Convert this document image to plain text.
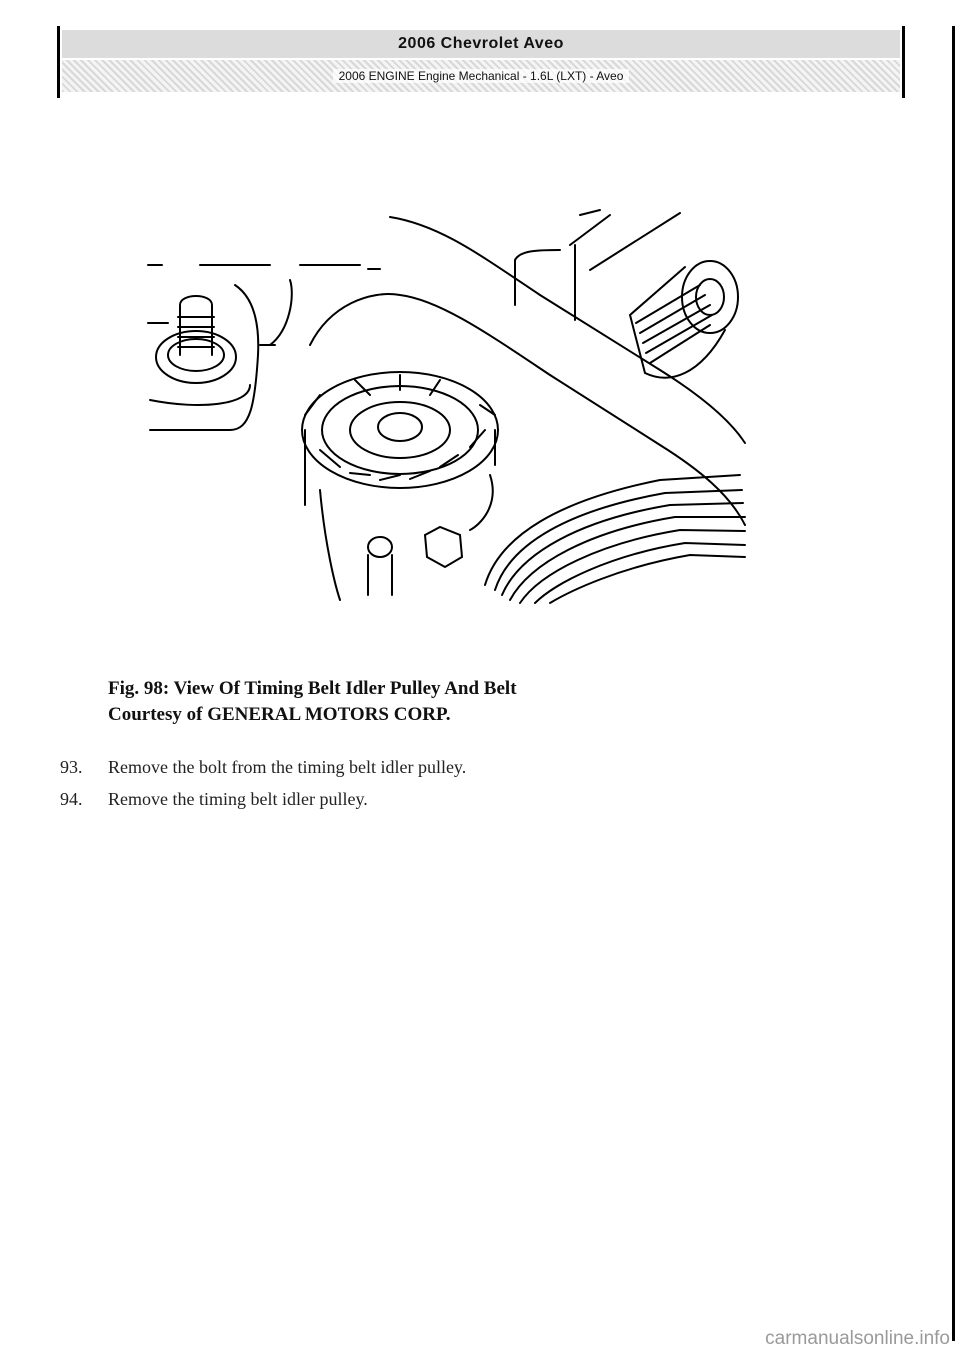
2006 Chevrolet Aveo
2006 ENGINE Engine Mechanical - 1.6L (LXT) - Aveo
Fig. 98: View Of Timing Belt Idler Pulley And Belt
Courtesy of GENERAL MOTORS CORP.
93.	Remove the bolt from the timing belt idler pulley.
94.	Remove the timing belt idler pulley.
carmanualsonline.info
